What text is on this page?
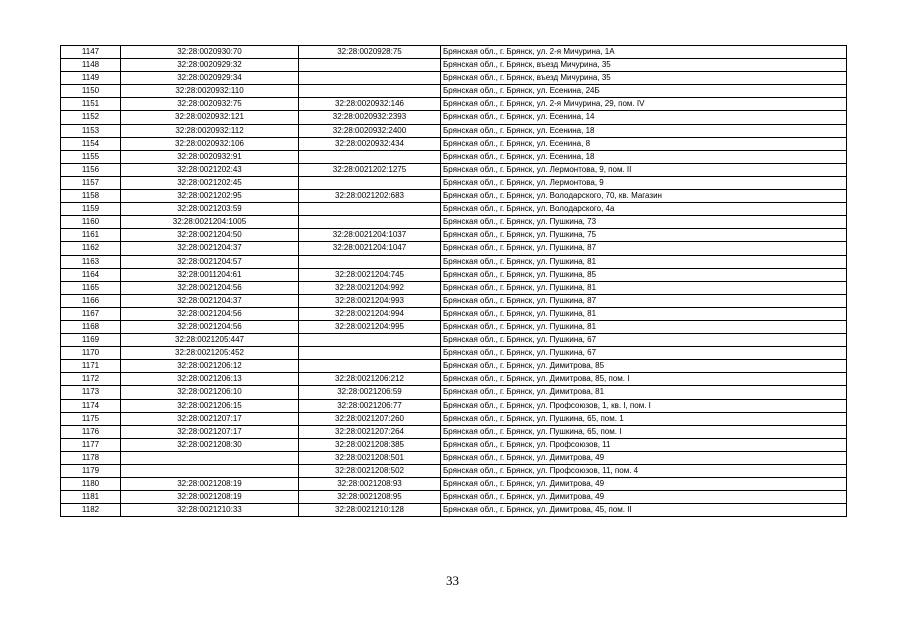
1147	32:28:0020930:70	32:28:0020928:75	Брянская обл., г. Брянск, ул. 2-я Мичурина, 1А
1148	32:28:0020929:32		Брянская обл., г. Брянск, въезд Мичурина, 35
1149	32:28:0020929:34		Брянская обл., г. Брянск, въезд Мичурина, 35
1150	32:28:0020932:110		Брянская обл., г. Брянск, ул. Есенина, 24Б
1151	32:28:0020932:75	32:28:0020932:146	Брянская обл., г. Брянск, ул. 2-я Мичурина, 29, пом. IV
1152	32:28:0020932:121	32:28:0020932:2393	Брянская обл., г. Брянск, ул. Есенина, 14
1153	32:28:0020932:112	32:28:0020932:2400	Брянская обл., г. Брянск, ул. Есенина, 18
1154	32:28:0020932:106	32:28:0020932:434	Брянская обл., г. Брянск, ул. Есенина, 8
1155	32:28:0020932:91		Брянская обл., г. Брянск, ул. Есенина, 18
1156	32:28:0021202:43	32:28:0021202:1275	Брянская обл., г. Брянск, ул. Лермонтова, 9, пом. II
1157	32:28:0021202:45		Брянская обл., г. Брянск, ул. Лермонтова, 9
1158	32:28:0021202:95	32:28:0021202:683	Брянская обл., г. Брянск, ул. Володарского, 70, кв. Магазин
1159	32:28:0021203:59		Брянская обл., г. Брянск, ул. Володарского, 4а
1160	32:28:0021204:1005		Брянская обл., г. Брянск, ул. Пушкина, 73
1161	32:28:0021204:50	32:28:0021204:1037	Брянская обл., г. Брянск, ул. Пушкина, 75
1162	32:28:0021204:37	32:28:0021204:1047	Брянская обл., г. Брянск, ул. Пушкина, 87
1163	32:28:0021204:57		Брянская обл., г. Брянск, ул. Пушкина, 81
1164	32:28:0011204:61	32:28:0021204:745	Брянская обл., г. Брянск, ул. Пушкина, 85
1165	32:28:0021204:56	32:28:0021204:992	Брянская обл., г. Брянск, ул. Пушкина, 81
1166	32:28:0021204:37	32:28:0021204:993	Брянская обл., г. Брянск, ул. Пушкина, 87
1167	32:28:0021204:56	32:28:0021204:994	Брянская обл., г. Брянск, ул. Пушкина, 81
1168	32:28:0021204:56	32:28:0021204:995	Брянская обл., г. Брянск, ул. Пушкина, 81
1169	32:28:0021205:447		Брянская обл., г. Брянск, ул. Пушкина, 67
1170	32:28:0021205:452		Брянская обл., г. Брянск, ул. Пушкина, 67
1171	32:28:0021206:12		Брянская обл., г. Брянск, ул. Димитрова, 85
1172	32:28:0021206:13	32:28:0021206:212	Брянская обл., г. Брянск, ул. Димитрова, 85, пом. I
1173	32:28:0021206:10	32:28:0021206:59	Брянская обл., г. Брянск, ул. Димитрова, 81
1174	32:28:0021206:15	32:28:0021206:77	Брянская обл., г. Брянск, ул. Профсоюзов, 1, кв. I, пом. I
1175	32:28:0021207:17	32:28:0021207:260	Брянская обл., г. Брянск, ул. Пушкина, 65, пом. 1
1176	32:28:0021207:17	32:28:0021207:264	Брянская обл., г. Брянск, ул. Пушкина, 65, пом. I
1177	32:28:0021208:30	32:28:0021208:385	Брянская обл., г. Брянск, ул. Профсоюзов, 11
1178		32:28:0021208:501	Брянская обл., г. Брянск, ул. Димитрова, 49
1179		32:28:0021208:502	Брянская обл., г. Брянск, ул. Профсоюзов, 11, пом. 4
1180	32:28:0021208:19	32:28:0021208:93	Брянская обл., г. Брянск, ул. Димитрова, 49
1181	32:28:0021208:19	32:28:0021208:95	Брянская обл., г. Брянск, ул. Димитрова, 49
1182	32:28:0021210:33	32:28:0021210:128	Брянская обл., г. Брянск, ул. Димитрова, 45, пом. II
33
